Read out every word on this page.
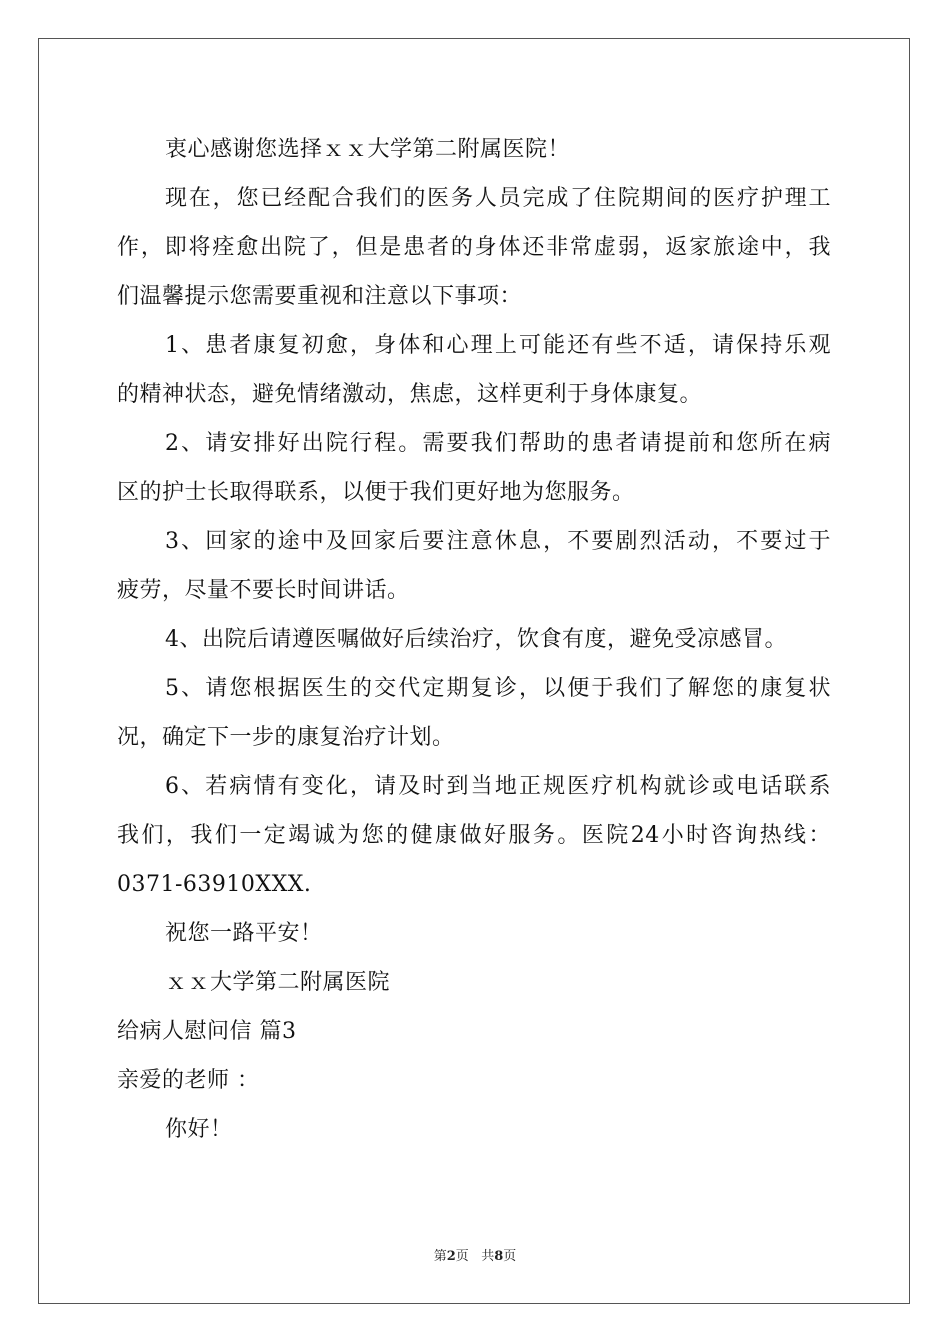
衷心感谢您选择ｘｘ大学第二附属医院！
现在，您已经配合我们的医务人员完成了住院期间的医疗护理工
作，即将痊愈出院了，但是患者的身体还非常虚弱，返家旅途中，我
们温馨提示您需要重视和注意以下事项：
1、患者康复初愈，身体和心理上可能还有些不适，请保持乐观
的精神状态，避免情绪激动，焦虑，这样更利于身体康复。
2、请安排好出院行程。需要我们帮助的患者请提前和您所在病
区的护士长取得联系，以便于我们更好地为您服务。
3、回家的途中及回家后要注意休息，不要剧烈活动，不要过于
疲劳，尽量不要长时间讲话。
4、出院后请遵医嘱做好后续治疗，饮食有度，避免受凉感冒。
5、请您根据医生的交代定期复诊，以便于我们了解您的康复状
况，确定下一步的康复治疗计划。
6、若病情有变化，请及时到当地正规医疗机构就诊或电话联系
我们，我们一定竭诚为您的健康做好服务。医院24小时咨询热线：
0371-63910XXX.
祝您一路平安！
ｘｘ大学第二附属医院
给病人慰问信 篇3
亲爱的老师 ：
你好！
第2页 共8页
